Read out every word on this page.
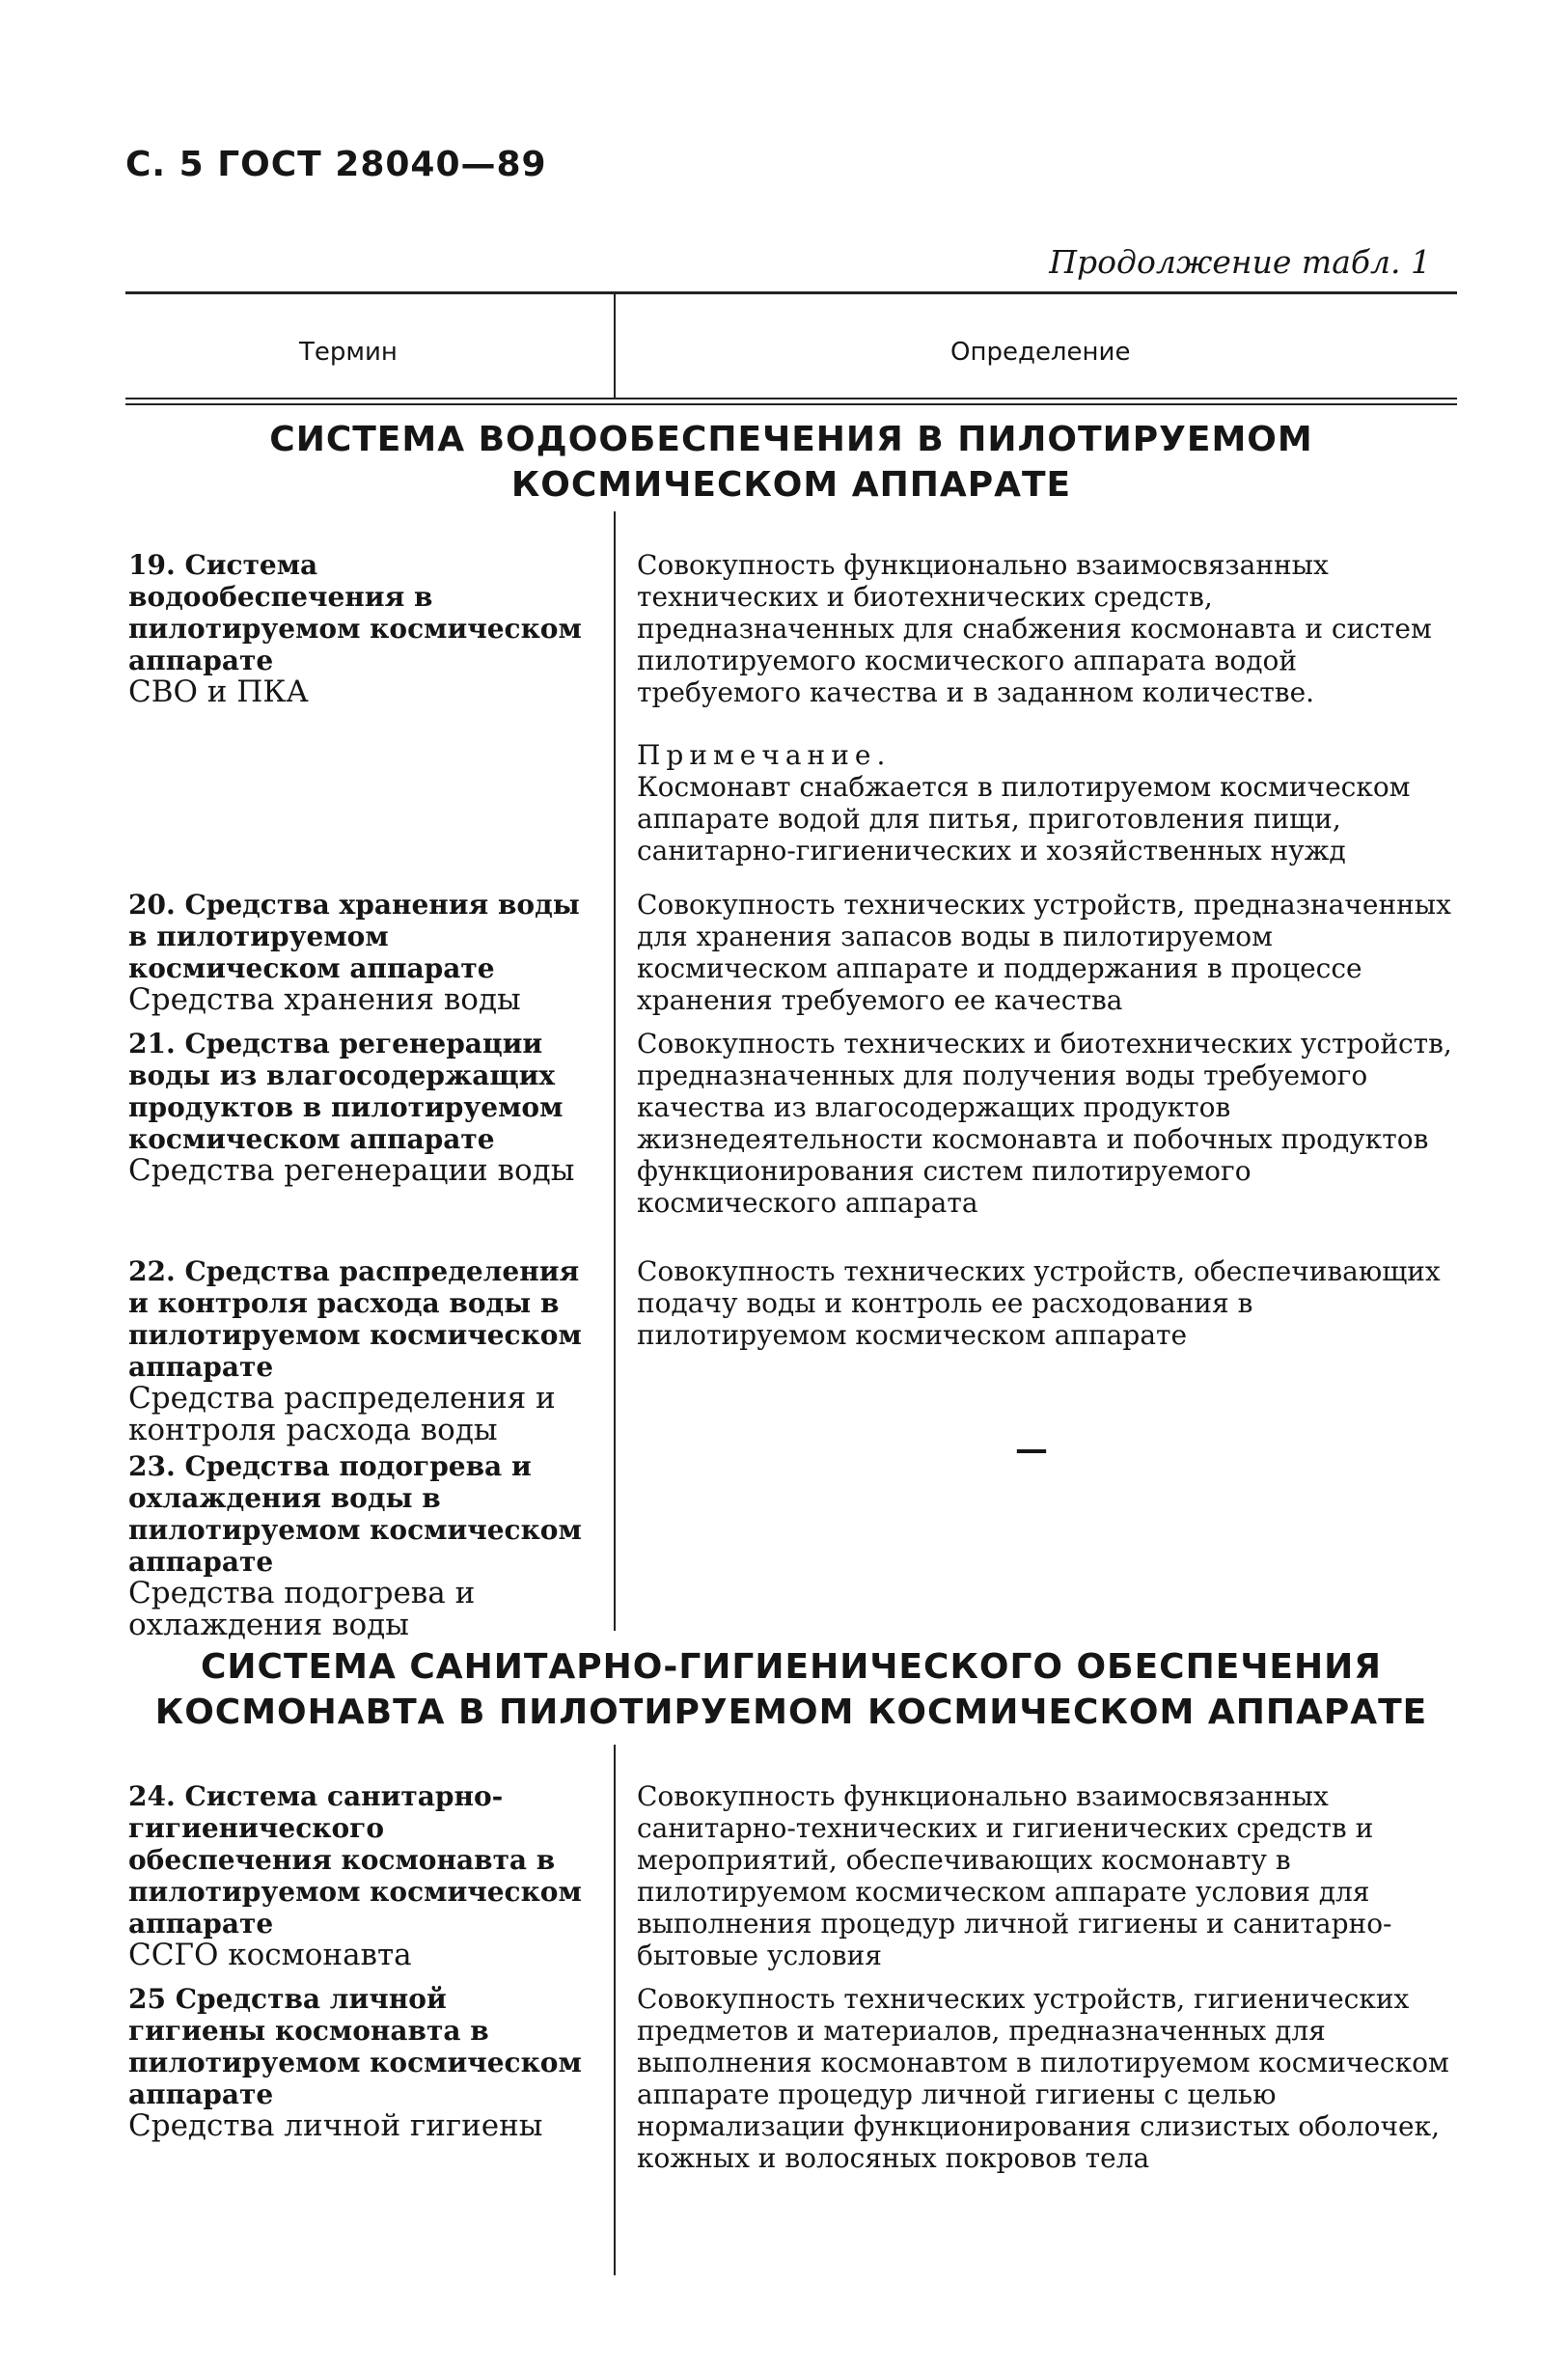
С. 5 ГОСТ 28040—89
Продолжение табл. 1
Термин	Определение
СИСТЕМА ВОДООБЕСПЕЧЕНИЯ В ПИЛОТИРУЕМОМ
КОСМИЧЕСКОМ АППАРАТЕ

19. Система водообеспечения в пилотируемом космическом аппарате

СВО и ПКА

Совокупность функционально взаимосвязанных технических и биотехнических средств, предназначенных для снабжения космонавта и систем пилотируемого космического аппарата водой требуемого качества и в заданном количестве.

Примечание.
Космонавт снабжается в пилотируемом космическом аппарате водой для питья, приготовления пищи, санитарно-гигиенических и хозяйственных нужд

20. Средства хранения воды в пилотируемом космическом аппарате

Средства хранения воды

Совокупность технических устройств, предназначенных для хранения запасов воды в пилотируемом космическом аппарате и поддержания в процессе хранения требуемого ее качества

21. Средства регенерации воды из влагосодержащих продуктов в пилотируемом космическом аппарате

Средства регенерации воды

Совокупность технических и биотехнических устройств, предназначенных для получения воды требуемого качества из влагосодержащих продуктов жизнедеятельности космонавта и побочных продуктов функционирования систем пилотируемого космического аппарата

22. Средства распределения и контроля расхода воды в пилотируемом космическом аппарате

Средства распределения и контроля расхода воды

Совокупность технических устройств, обеспечивающих подачу воды и контроль ее расходования в пилотируемом космическом аппарате

23. Средства подогрева и охлаждения воды в пилотируемом космическом аппарате

Средства подогрева и охлаждения воды

—
СИСТЕМА САНИТАРНО-ГИГИЕНИЧЕСКОГО ОБЕСПЕЧЕНИЯ
КОСМОНАВТА В ПИЛОТИРУЕМОМ КОСМИЧЕСКОМ АППАРАТЕ

24. Система санитарно-гигиенического обеспечения космонавта в пилотируемом космическом аппарате

ССГО космонавта

Совокупность функционально взаимосвязанных санитарно-технических и гигиенических средств и мероприятий, обеспечивающих космонавту в пилотируемом космическом аппарате условия для выполнения процедур личной гигиены и санитарно-бытовые условия

25 Средства личной гигиены космонавта в пилотируемом космическом аппарате

Средства личной гигиены

Совокупность технических устройств, гигиенических предметов и материалов, предназначенных для выполнения космонавтом в пилотируемом космическом аппарате процедур личной гигиены с целью нормализации функционирования слизистых оболочек, кожных и волосяных покровов тела
